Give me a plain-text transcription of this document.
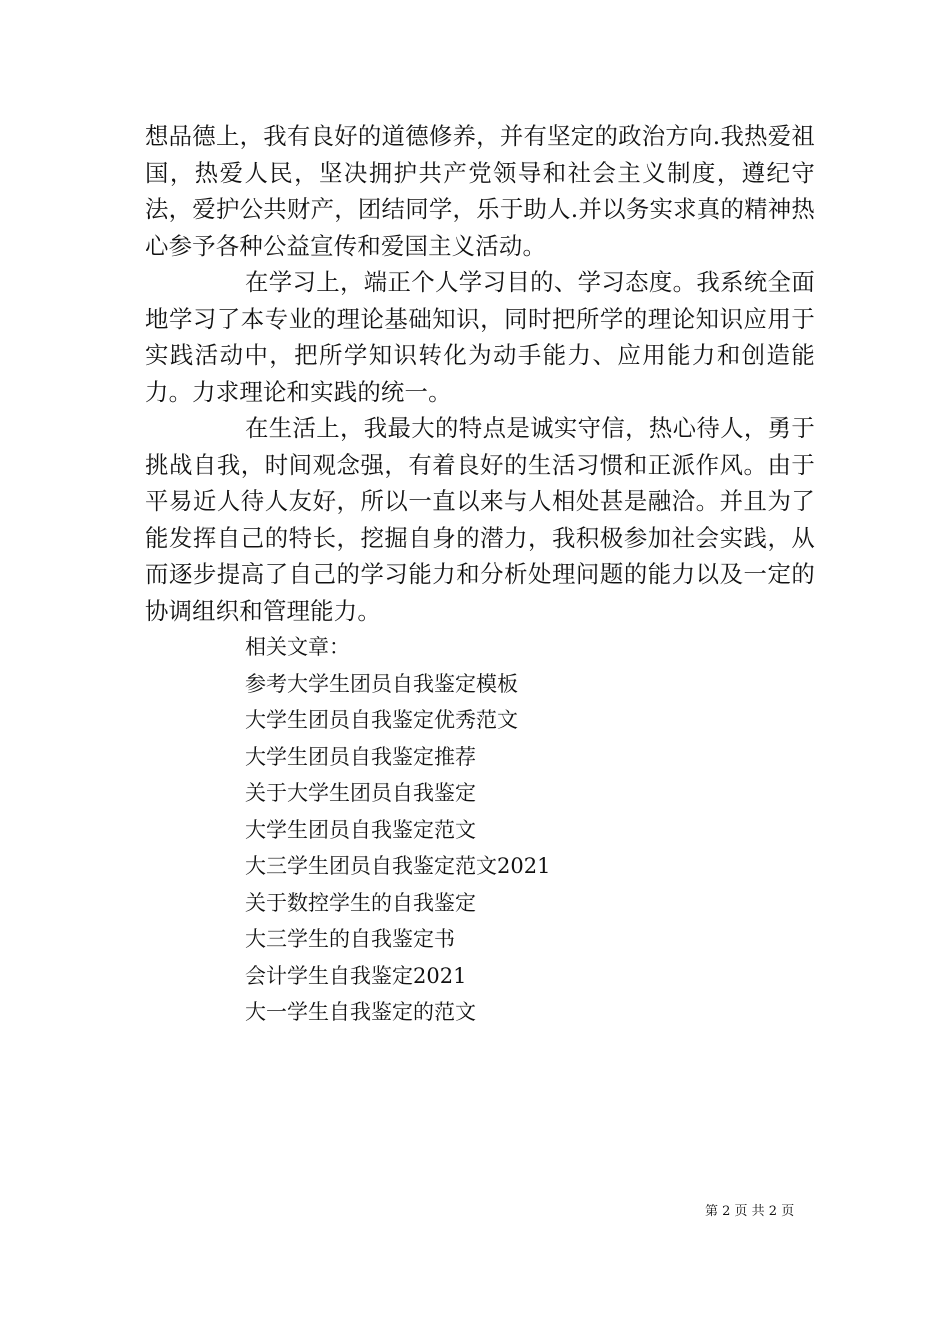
想品德上，我有良好的道德修养，并有坚定的政治方向.我热爱祖国，热爱人民，坚决拥护共产党领导和社会主义制度，遵纪守法，爱护公共财产，团结同学，乐于助人.并以务实求真的精神热心参予各种公益宣传和爱国主义活动。

在学习上，端正个人学习目的、学习态度。我系统全面地学习了本专业的理论基础知识，同时把所学的理论知识应用于实践活动中，把所学知识转化为动手能力、应用能力和创造能力。力求理论和实践的统一。

在生活上，我最大的特点是诚实守信，热心待人，勇于挑战自我，时间观念强，有着良好的生活习惯和正派作风。由于平易近人待人友好，所以一直以来与人相处甚是融洽。并且为了能发挥自己的特长，挖掘自身的潜力，我积极参加社会实践，从而逐步提高了自己的学习能力和分析处理问题的能力以及一定的协调组织和管理能力。

相关文章：

参考大学生团员自我鉴定模板
大学生团员自我鉴定优秀范文
大学生团员自我鉴定推荐
关于大学生团员自我鉴定
大学生团员自我鉴定范文
大三学生团员自我鉴定范文2021
关于数控学生的自我鉴定
大三学生的自我鉴定书
会计学生自我鉴定2021
大一学生自我鉴定的范文
第 2 页 共 2 页
